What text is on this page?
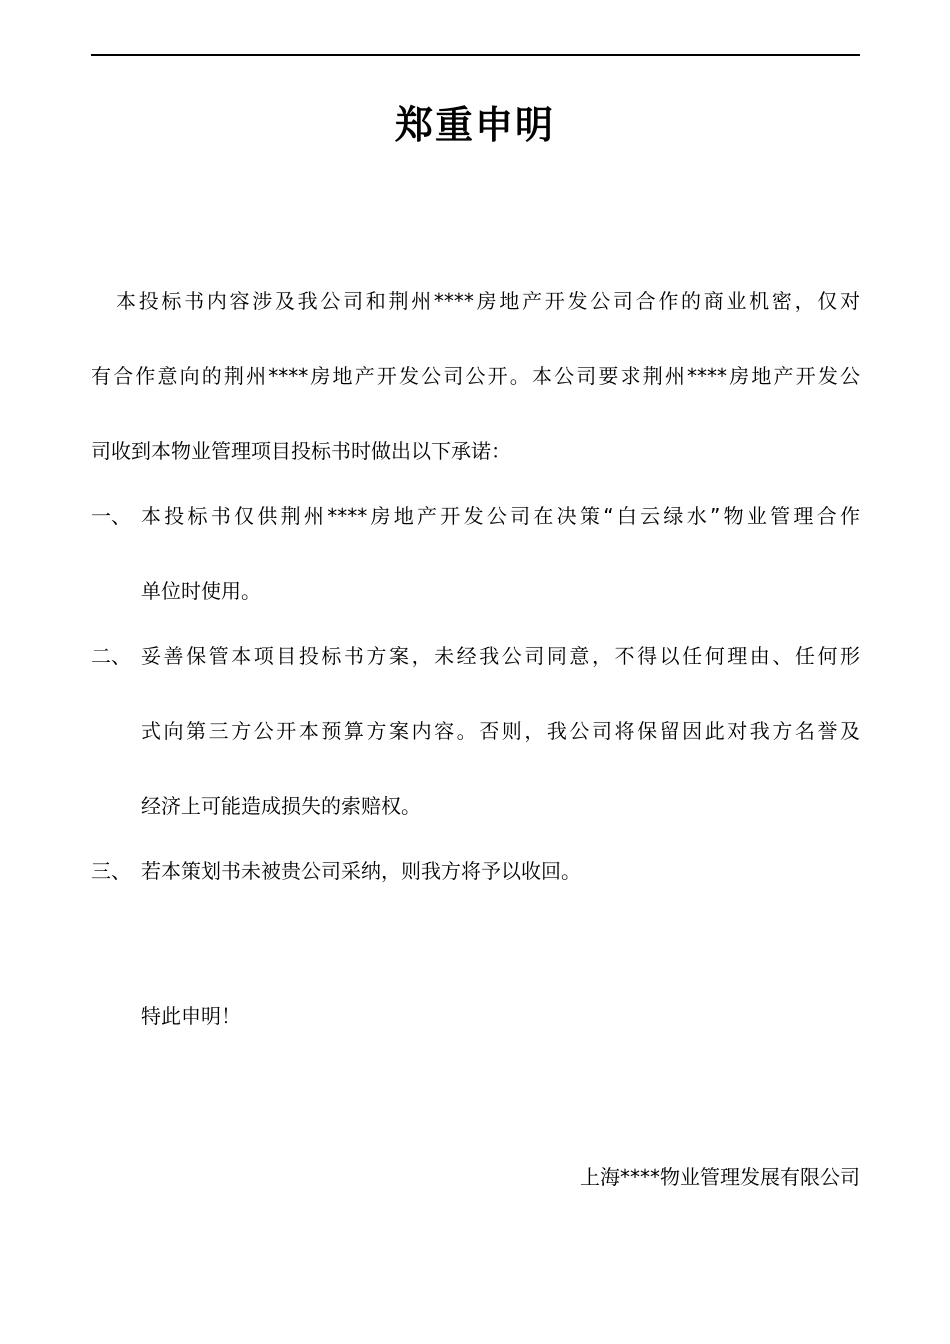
郑重申明
本投标书内容涉及我公司和荆州****房地产开发公司合作的商业机密，仅对
有合作意向的荆州****房地产开发公司公开。本公司要求荆州****房地产开发公
司收到本物业管理项目投标书时做出以下承诺：
一、 本投标书仅供荆州****房地产开发公司在决策“白云绿水”物业管理合作
单位时使用。
二、 妥善保管本项目投标书方案，未经我公司同意，不得以任何理由、任何形
式向第三方公开本预算方案内容。否则，我公司将保留因此对我方名誉及
经济上可能造成损失的索赔权。
三、 若本策划书未被贵公司采纳，则我方将予以收回。
特此申明！
上海****物业管理发展有限公司
